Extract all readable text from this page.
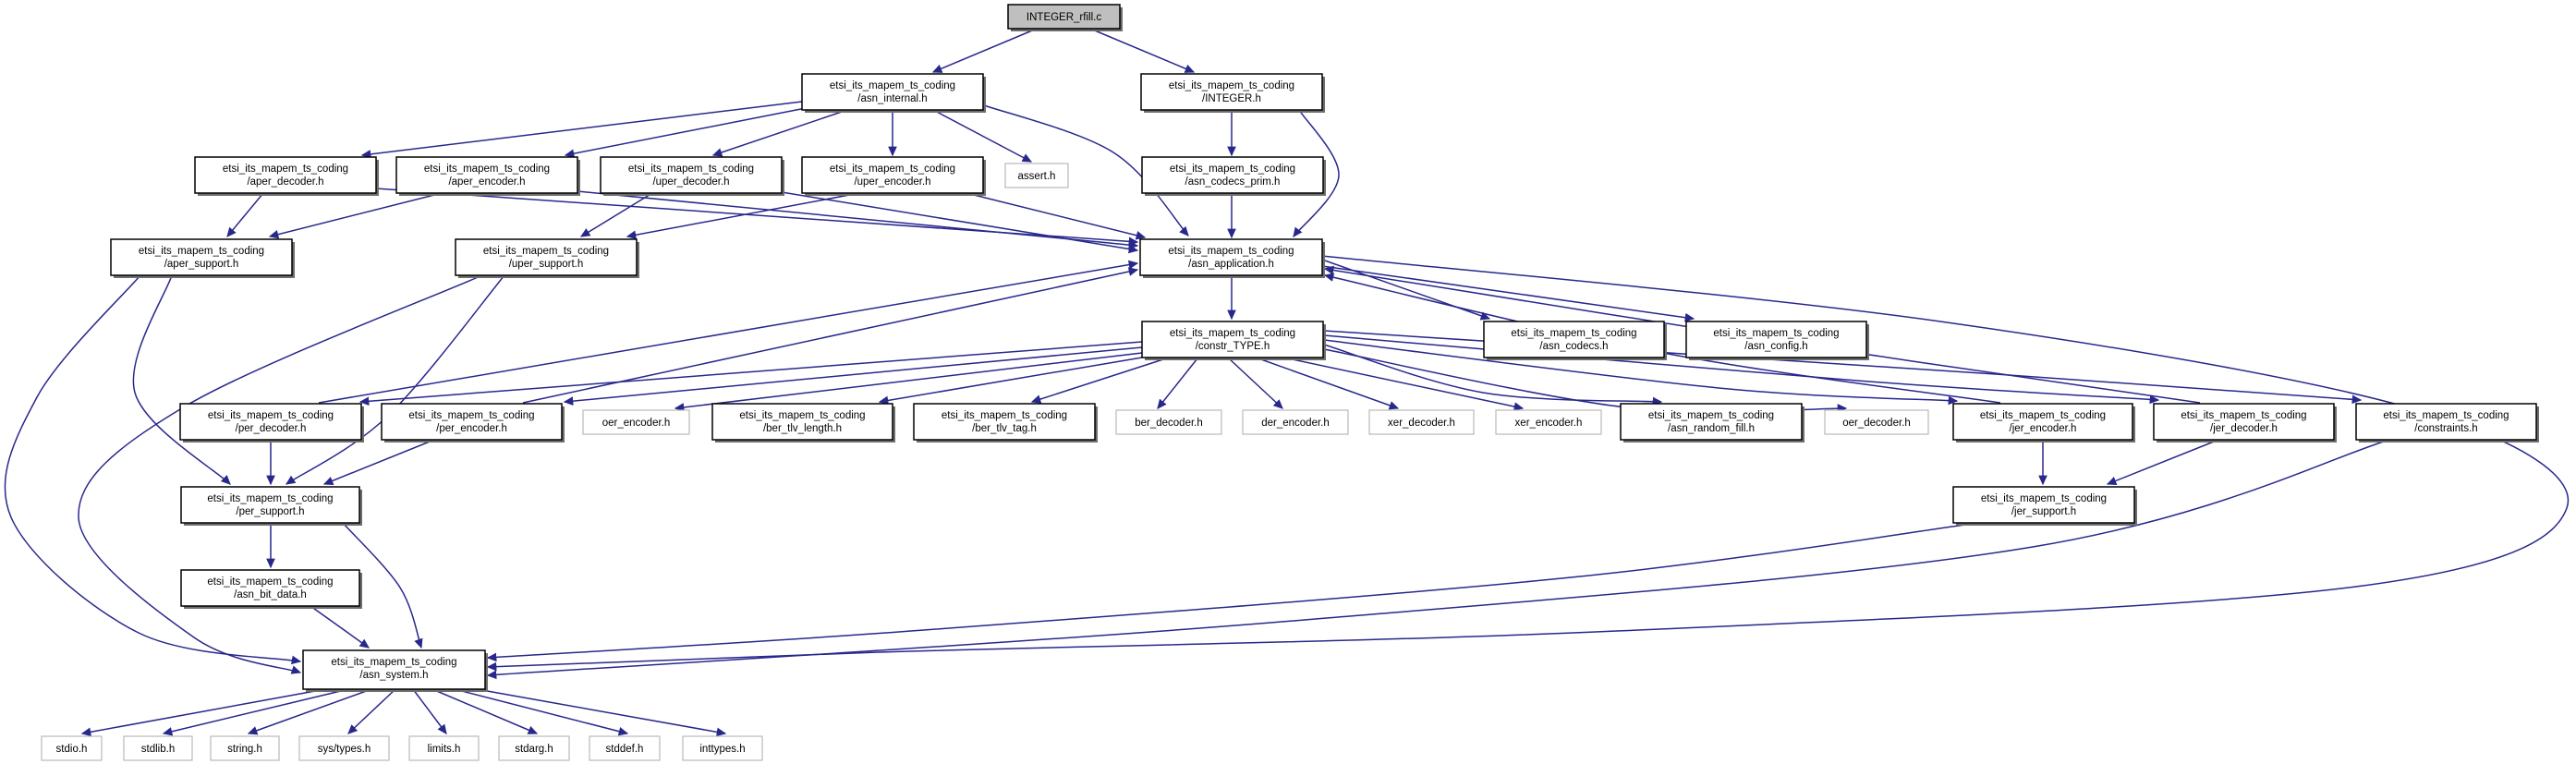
INTEGER_rfill.c
etsi_its_mapem_ts_coding /asn_internal.h
etsi_its_mapem_ts_coding /INTEGER.h
etsi_its_mapem_ts_coding /aper_decoder.h
etsi_its_mapem_ts_coding /aper_encoder.h
etsi_its_mapem_ts_coding /uper_decoder.h
etsi_its_mapem_ts_coding /uper_encoder.h	assert.h
etsi_its_mapem_ts_coding /asn_codecs_prim.h
etsi_its_mapem_ts_coding /aper_support.h
etsi_its_mapem_ts_coding /uper_support.h
etsi_its_mapem_ts_coding /asn_application.h
etsi_its_mapem_ts_coding /constr_TYPE.h
etsi_its_mapem_ts_coding /asn_codecs.h
etsi_its_mapem_ts_coding /asn_config.h
etsi_its_mapem_ts_coding /per_decoder.h
etsi_its_mapem_ts_coding /per_encoder.h	oer_encoder.h
etsi_its_mapem_ts_coding /ber_tlv_length.h
etsi_its_mapem_ts_coding /ber_tlv_tag.h	ber_decoder.h	der_encoder.h	xer_decoder.h	xer_encoder.h
etsi_its_mapem_ts_coding /asn_random_fill.h	oer_decoder.h
etsi_its_mapem_ts_coding /jer_encoder.h
etsi_its_mapem_ts_coding /jer_decoder.h
etsi_its_mapem_ts_coding /constraints.h
etsi_its_mapem_ts_coding /per_support.h
etsi_its_mapem_ts_coding /jer_support.h
etsi_its_mapem_ts_coding /asn_bit_data.h
etsi_its_mapem_ts_coding /asn_system.h
stdio.h	stdlib.h	string.h	sys/types.h	limits.h	stdarg.h	stddef.h	inttypes.h
